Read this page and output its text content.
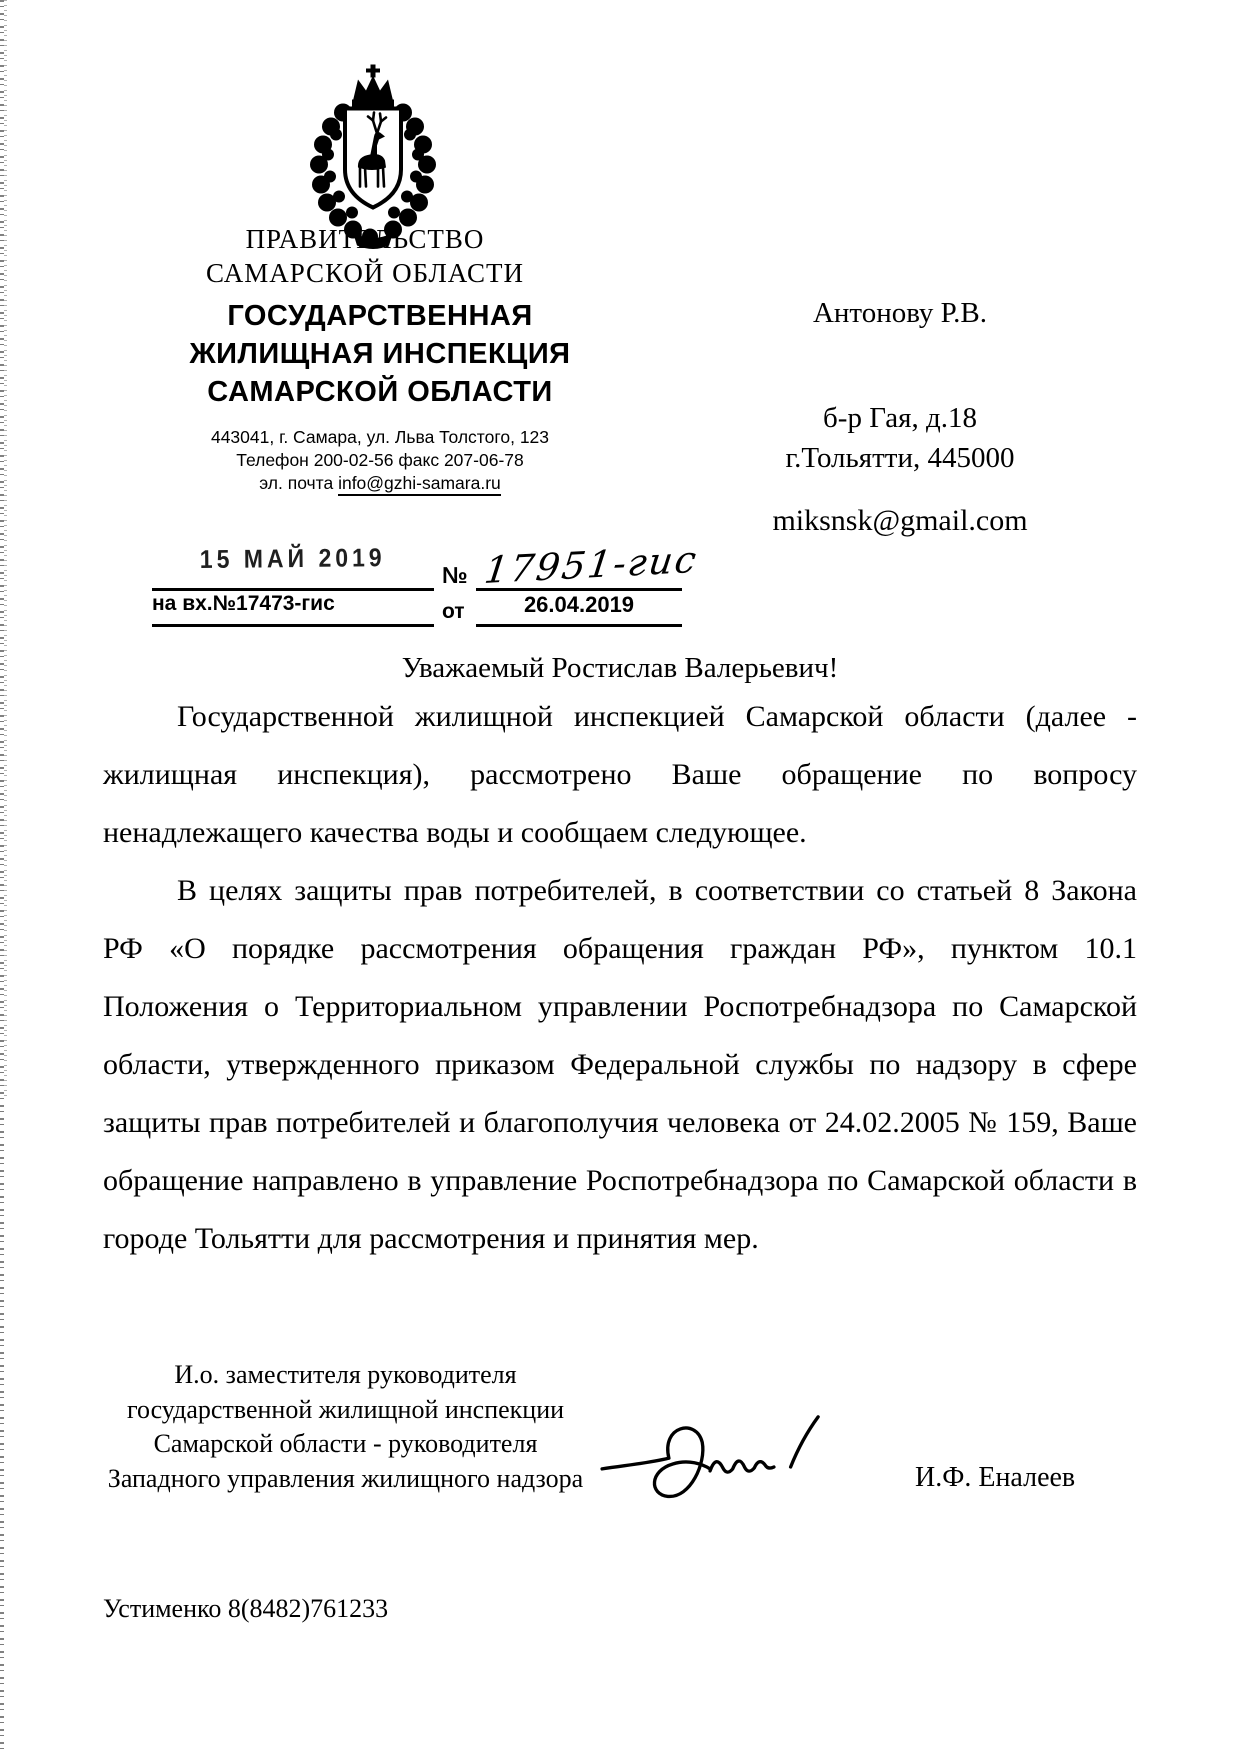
ПРАВИТЕЛЬСТВО
САМАРСКОЙ ОБЛАСТИ
ГОСУДАРСТВЕННАЯ
ЖИЛИЩНАЯ ИНСПЕКЦИЯ
САМАРСКОЙ ОБЛАСТИ
443041, г. Самара, ул. Льва Толстого, 123
Телефон 200-02-56 факс 207-06-78
эл. почта info@gzhi-samara.ru
15 МАЙ 2019
№ 17951-гис
на вх.№17473-гис	от	26.04.2019
Антонову Р.В.
б-р Гая, д.18
г.Тольятти, 445000
miksnsk@gmail.com
Уважаемый Ростислав Валерьевич!

Государственной жилищной инспекцией Самарской области (далее - жилищная инспекция), рассмотрено Ваше обращение по вопросу ненадлежащего качества воды и сообщаем следующее.

В целях защиты прав потребителей, в соответствии со статьей 8 Закона РФ «О порядке рассмотрения обращения граждан РФ», пунктом 10.1 Положения о Территориальном управлении Роспотребнадзора по Самарской области, утвержденного приказом Федеральной службы по надзору в сфере защиты прав потребителей и благополучия человека от 24.02.2005 № 159, Ваше обращение направлено в управление Роспотребнадзора по Самарской области в городе Тольятти для рассмотрения и принятия мер.

И.о. заместителя руководителя
государственной жилищной инспекции
Самарской области - руководителя
Западного управления жилищного надзора	И.Ф. Еналеев
Устименко 8(8482)761233
